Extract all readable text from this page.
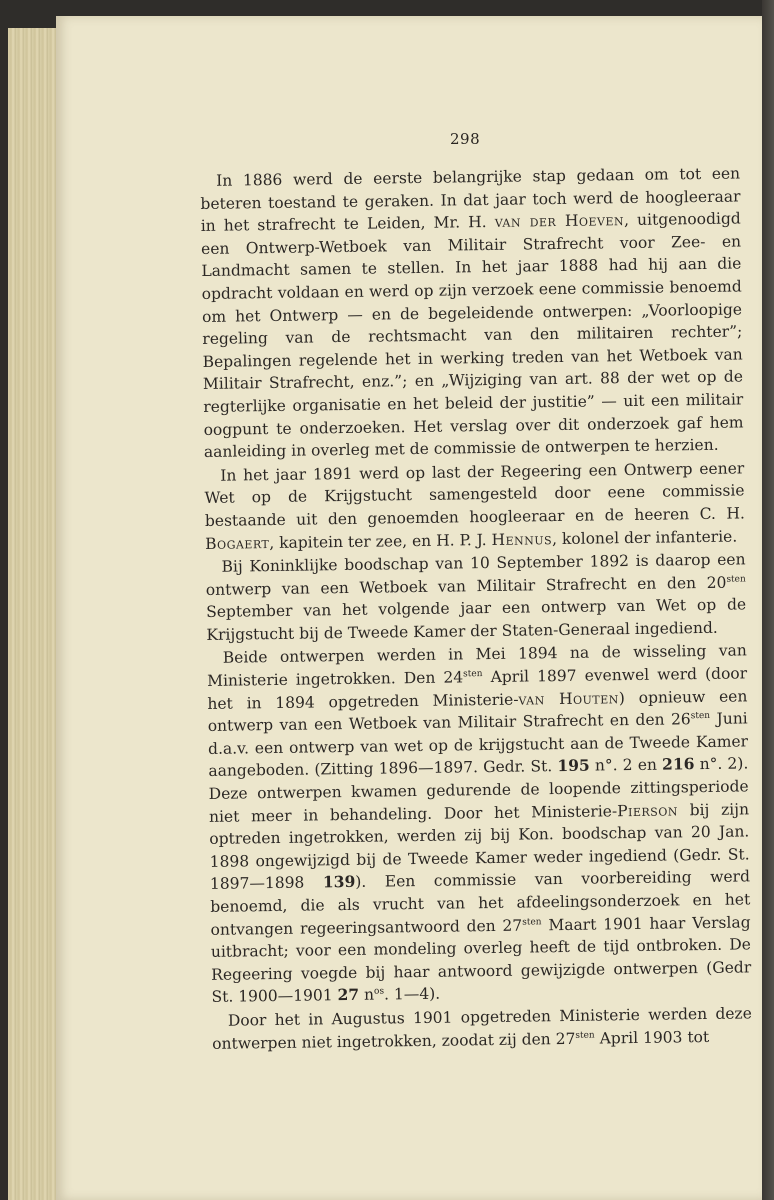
298

In 1886 werd de eerste belangrijke stap gedaan om tot een beteren toestand te geraken. In dat jaar toch werd de hoogleeraar in het strafrecht te Leiden, Mr. H. van der Hoeven, uitgenoodigd een Ontwerp-Wetboek van Militair Strafrecht voor Zee- en Landmacht samen te stellen. In het jaar 1888 had hij aan die opdracht voldaan en werd op zijn verzoek eene commissie benoemd om het Ontwerp — en de begeleidende ontwerpen: „Voorloopige regeling van de rechtsmacht van den militairen rechter”; Bepalingen regelende het in werking treden van het Wetboek van Militair Strafrecht, enz.”; en „Wijziging van art. 88 der wet op de regterlijke organisatie en het beleid der justitie” — uit een militair oogpunt te onderzoeken. Het verslag over dit onderzoek gaf hem aanleiding in overleg met de commissie de ontwerpen te herzien.

In het jaar 1891 werd op last der Regeering een Ontwerp eener Wet op de Krijgstucht samengesteld door eene commissie bestaande uit den genoemden hoogleeraar en de heeren C. H. Bogaert, kapitein ter zee, en H. P. J. Hennus, kolonel der infanterie.

Bij Koninklijke boodschap van 10 September 1892 is daarop een ontwerp van een Wetboek van Militair Strafrecht en den $20^{sten}$ September van het volgende jaar een ontwerp van Wet op de Krijgstucht bij de Tweede Kamer der Staten-Generaal ingediend.

Beide ontwerpen werden in Mei 1894 na de wisseling van Ministerie ingetrokken. Den $24^{sten}$ April 1897 evenwel werd (door het in 1894 opgetreden Ministerie-van Houten) opnieuw een ontwerp van een Wetboek van Militair Strafrecht en den $26^{sten}$ Juni d.a.v. een ontwerp van wet op de krijgstucht aan de Tweede Kamer aangeboden. (Zitting 1896—1897. Gedr. St. 195 n°. 2 en 216 n°. 2). Deze ontwerpen kwamen gedurende de loopende zittingsperiode niet meer in behandeling. Door het Ministerie-Pierson bij zijn optreden ingetrokken, werden zij bij Kon. boodschap van 20 Jan. 1898 ongewijzigd bij de Tweede Kamer weder ingediend (Gedr. St. 1897—1898 139). Een commissie van voorbereiding werd benoemd, die als vrucht van het afdeelingsonderzoek en het ontvangen regeeringsantwoord den $27^{sten}$ Maart 1901 haar Verslag uitbracht; voor een mondeling overleg heeft de tijd ontbroken. De Regeering voegde bij haar antwoord gewijzigde ontwerpen (Gedr St. 1900—1901 27 $n^{os}$. 1—4).

Door het in Augustus 1901 opgetreden Ministerie werden deze ontwerpen niet ingetrokken, zoodat zij den $27^{sten}$ April 1903 tot
